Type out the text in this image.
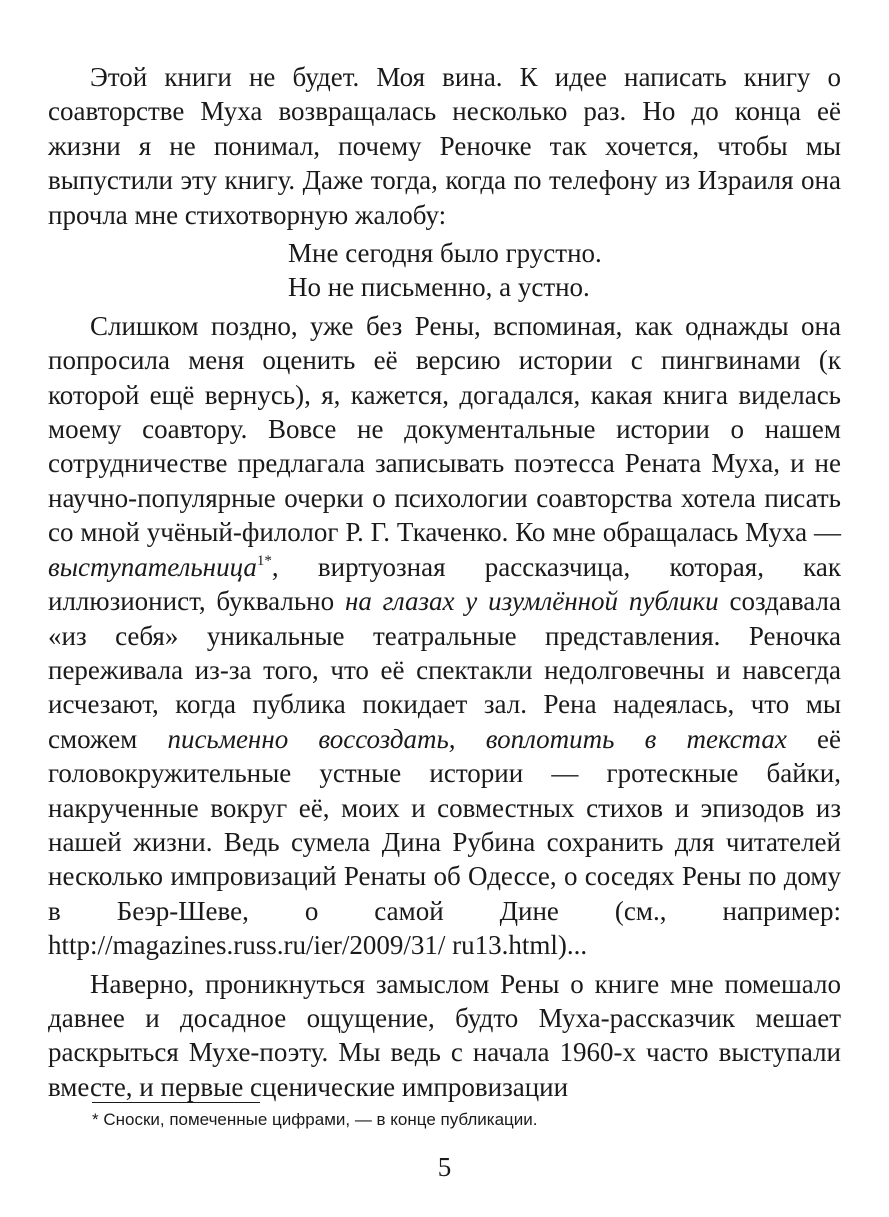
Этой книги не будет. Моя вина. К идее написать книгу о соавторстве Муха возвращалась несколько раз. Но до конца её жизни я не понимал, почему Реночке так хочется, чтобы мы выпустили эту книгу. Даже тогда, когда по телефону из Израиля она прочла мне стихотворную жалобу:

Мне сегодня было грустно.
Но не письменно, а устно.

Слишком поздно, уже без Рены, вспоминая, как однажды она попросила меня оценить её версию истории с пингвинами (к которой ещё вернусь), я, кажется, догадался, какая книга виделась моему соавтору. Вовсе не документальные истории о нашем сотрудничестве предлагала записывать поэтесса Рената Муха, и не научно-популярные очерки о психологии соавторства хотела писать со мной учёный-филолог Р. Г. Ткаченко. Ко мне обращалась Муха — выступательница$^{1*}$, виртуозная рассказчица, которая, как иллюзионист, буквально на глазах у изумлённой публики создавала «из себя» уникальные театральные представления. Реночка переживала из-за того, что её спектакли недолговечны и навсегда исчезают, когда публика покидает зал. Рена надеялась, что мы сможем письменно воссоздать, воплотить в текстах её головокружительные устные истории — гротескные байки, накрученные вокруг её, моих и совместных стихов и эпизодов из нашей жизни. Ведь сумела Дина Рубина сохранить для читателей несколько импровизаций Ренаты об Одессе, о соседях Рены по дому в Беэр-Шеве, о самой Дине (см., например: http://magazines.russ.ru/ier/2009/31/ ru13.html)...

Наверно, проникнуться замыслом Рены о книге мне помешало давнее и досадное ощущение, будто Муха-рассказчик мешает раскрыться Мухе-поэту. Мы ведь с начала 1960-х часто выступали вместе, и первые сценические импровизации

* Сноски, помеченные цифрами, — в конце публикации.
5
